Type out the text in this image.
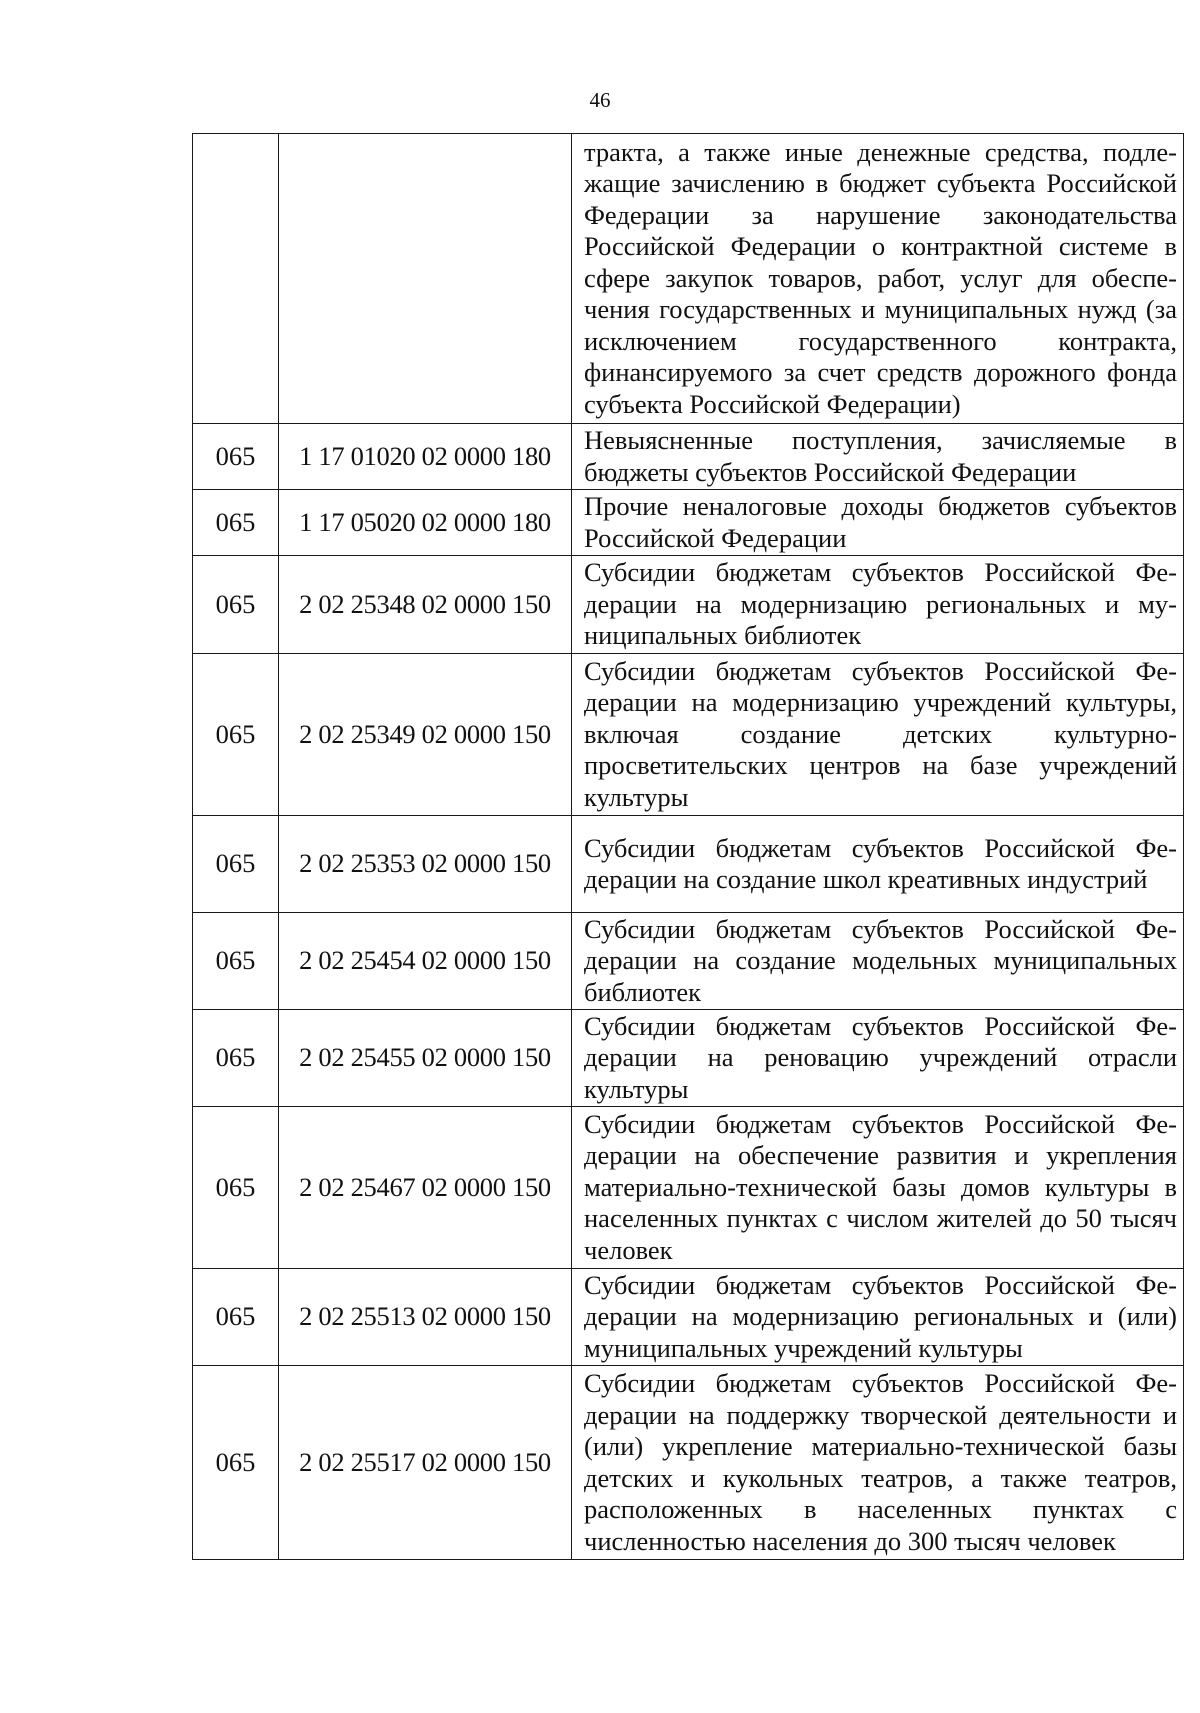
46
		тракта, а также иные денежные средства, подлежащие зачислению в бюджет субъекта Российской Федерации за нарушение законодательства Российской Федерации о контрактной системе в сфере закупок товаров, работ, услуг для обеспечения государственных и муниципальных нужд (за исключением государственного контракта, финансируемого за счет средств дорожного фонда субъекта Российской Федерации)
065	1 17 01020 02 0000 180	Невыясненные поступления, зачисляемые в бюджеты субъектов Российской Федерации
065	1 17 05020 02 0000 180	Прочие неналоговые доходы бюджетов субъектов Российской Федерации
065	2 02 25348 02 0000 150	Субсидии бюджетам субъектов Российской Федерации на модернизацию региональных и муниципальных библиотек
065	2 02 25349 02 0000 150	Субсидии бюджетам субъектов Российской Федерации на модернизацию учреждений культуры, включая создание детских культурно-просветительских центров на базе учреждений культуры
065	2 02 25353 02 0000 150	Субсидии бюджетам субъектов Российской Федерации на создание школ креативных индустрий
065	2 02 25454 02 0000 150	Субсидии бюджетам субъектов Российской Федерации на создание модельных муниципальных библиотек
065	2 02 25455 02 0000 150	Субсидии бюджетам субъектов Российской Федерации на реновацию учреждений отрасли культуры
065	2 02 25467 02 0000 150	Субсидии бюджетам субъектов Российской Федерации на обеспечение развития и укрепления материально-технической базы домов культуры в населенных пунктах с числом жителей до 50 тысяч человек
065	2 02 25513 02 0000 150	Субсидии бюджетам субъектов Российской Федерации на модернизацию региональных и (или) муниципальных учреждений культуры
065	2 02 25517 02 0000 150	Субсидии бюджетам субъектов Российской Федерации на поддержку творческой деятельности и (или) укрепление материально-технической базы детских и кукольных театров, а также театров, расположенных в населенных пунктах с численностью населения до 300 тысяч человек
